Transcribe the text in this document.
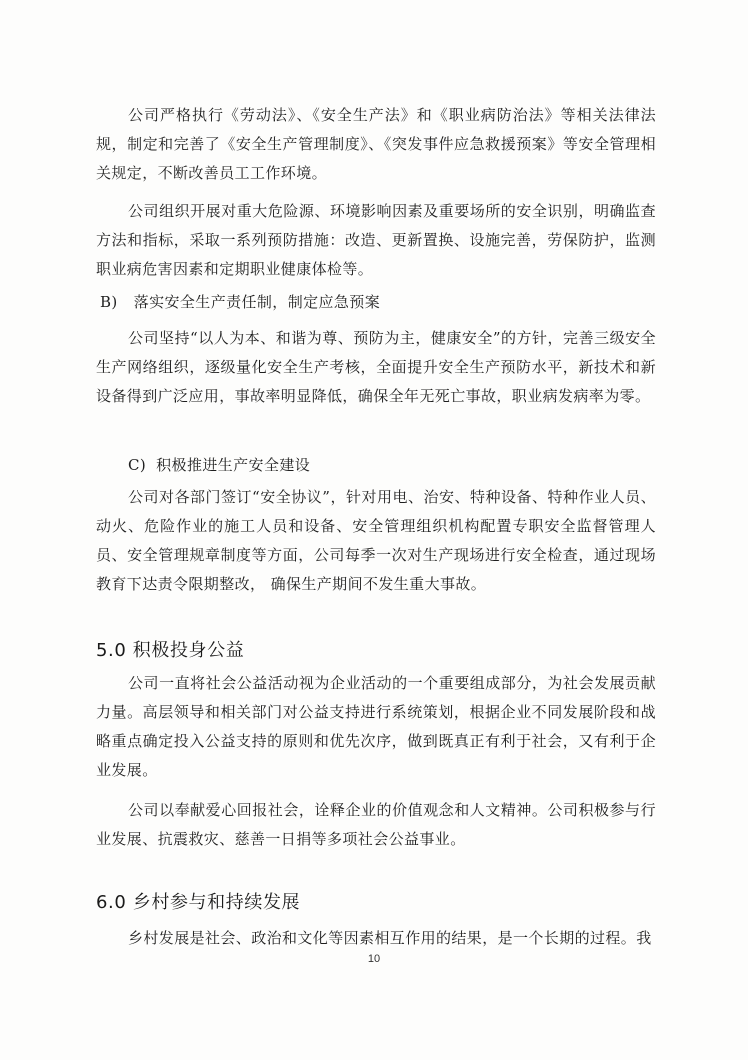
公司严格执行《劳动法》、《安全生产法》和《职业病防治法》等相关法律法规，制定和完善了《安全生产管理制度》、《突发事件应急救援预案》等安全管理相关规定，不断改善员工工作环境。

公司组织开展对重大危险源、环境影响因素及重要场所的安全识别，明确监查方法和指标，采取一系列预防措施：改造、更新置换、设施完善，劳保防护，监测职业病危害因素和定期职业健康体检等。

B) 落实安全生产责任制，制定应急预案

公司坚持“以人为本、和谐为尊、预防为主，健康安全”的方针，完善三级安全生产网络组织，逐级量化安全生产考核，全面提升安全生产预防水平，新技术和新设备得到广泛应用，事故率明显降低，确保全年无死亡事故，职业病发病率为零。

C) 积极推进生产安全建设

公司对各部门签订“安全协议”，针对用电、治安、特种设备、特种作业人员、动火、危险作业的施工人员和设备、安全管理组织机构配置专职安全监督管理人员、安全管理规章制度等方面，公司每季一次对生产现场进行安全检查，通过现场教育下达责令限期整改， 确保生产期间不发生重大事故。

5.0 积极投身公益

公司一直将社会公益活动视为企业活动的一个重要组成部分，为社会发展贡献力量。高层领导和相关部门对公益支持进行系统策划，根据企业不同发展阶段和战略重点确定投入公益支持的原则和优先次序，做到既真正有利于社会，又有利于企业发展。

公司以奉献爱心回报社会，诠释企业的价值观念和人文精神。公司积极参与行业发展、抗震救灾、慈善一日捐等多项社会公益事业。

6.0 乡村参与和持续发展

乡村发展是社会、政治和文化等因素相互作用的结果，是一个长期的过程。我

10
